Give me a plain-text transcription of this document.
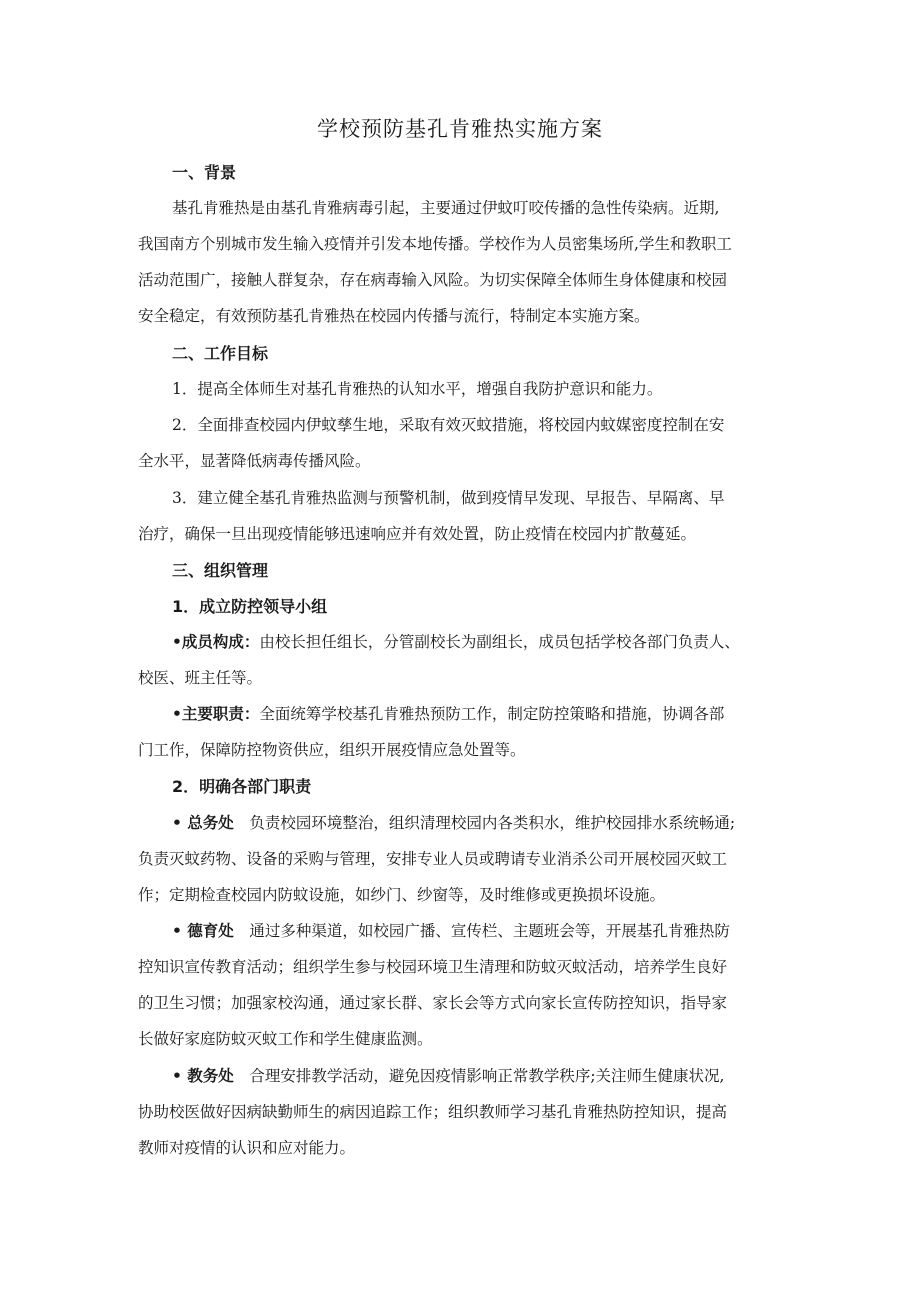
学校预防基孔肯雅热实施方案
一、背景
基孔肯雅热是由基孔肯雅病毒引起，主要通过伊蚊叮咬传播的急性传染病。近期,
我国南方个别城市发生输入疫情并引发本地传播。学校作为人员密集场所,学生和教职工
活动范围广，接触人群复杂，存在病毒输入风险。为切实保障全体师生身体健康和校园
安全稳定，有效预防基孔肯雅热在校园内传播与流行，特制定本实施方案。
二、工作目标
1．提高全体师生对基孔肯雅热的认知水平，增强自我防护意识和能力。
2．全面排查校园内伊蚊孳生地，采取有效灭蚊措施，将校园内蚊媒密度控制在安
全水平，显著降低病毒传播风险。
3．建立健全基孔肯雅热监测与预警机制，做到疫情早发现、早报告、早隔离、早
治疗，确保一旦出现疫情能够迅速响应并有效处置，防止疫情在校园内扩散蔓延。
三、组织管理
1．成立防控领导小组
•成员构成：由校长担任组长，分管副校长为副组长，成员包括学校各部门负责人、
校医、班主任等。
•主要职责：全面统筹学校基孔肯雅热预防工作，制定防控策略和措施，协调各部
门工作，保障防控物资供应，组织开展疫情应急处置等。
2．明确各部门职责
• 总务处　 负责校园环境整治，组织清理校园内各类积水，维护校园排水系统畅通;
负责灭蚊药物、设备的采购与管理，安排专业人员或聘请专业消杀公司开展校园灭蚊工
作；定期检查校园内防蚊设施，如纱门、纱窗等，及时维修或更换损坏设施。
• 德育处　 通过多种渠道，如校园广播、宣传栏、主题班会等，开展基孔肯雅热防
控知识宣传教育活动；组织学生参与校园环境卫生清理和防蚊灭蚊活动，培养学生良好
的卫生习惯；加强家校沟通，通过家长群、家长会等方式向家长宣传防控知识，指导家
长做好家庭防蚊灭蚊工作和学生健康监测。
• 教务处　 合理安排教学活动，避免因疫情影响正常教学秩序;关注师生健康状况,
协助校医做好因病缺勤师生的病因追踪工作；组织教师学习基孔肯雅热防控知识，提高
教师对疫情的认识和应对能力。
